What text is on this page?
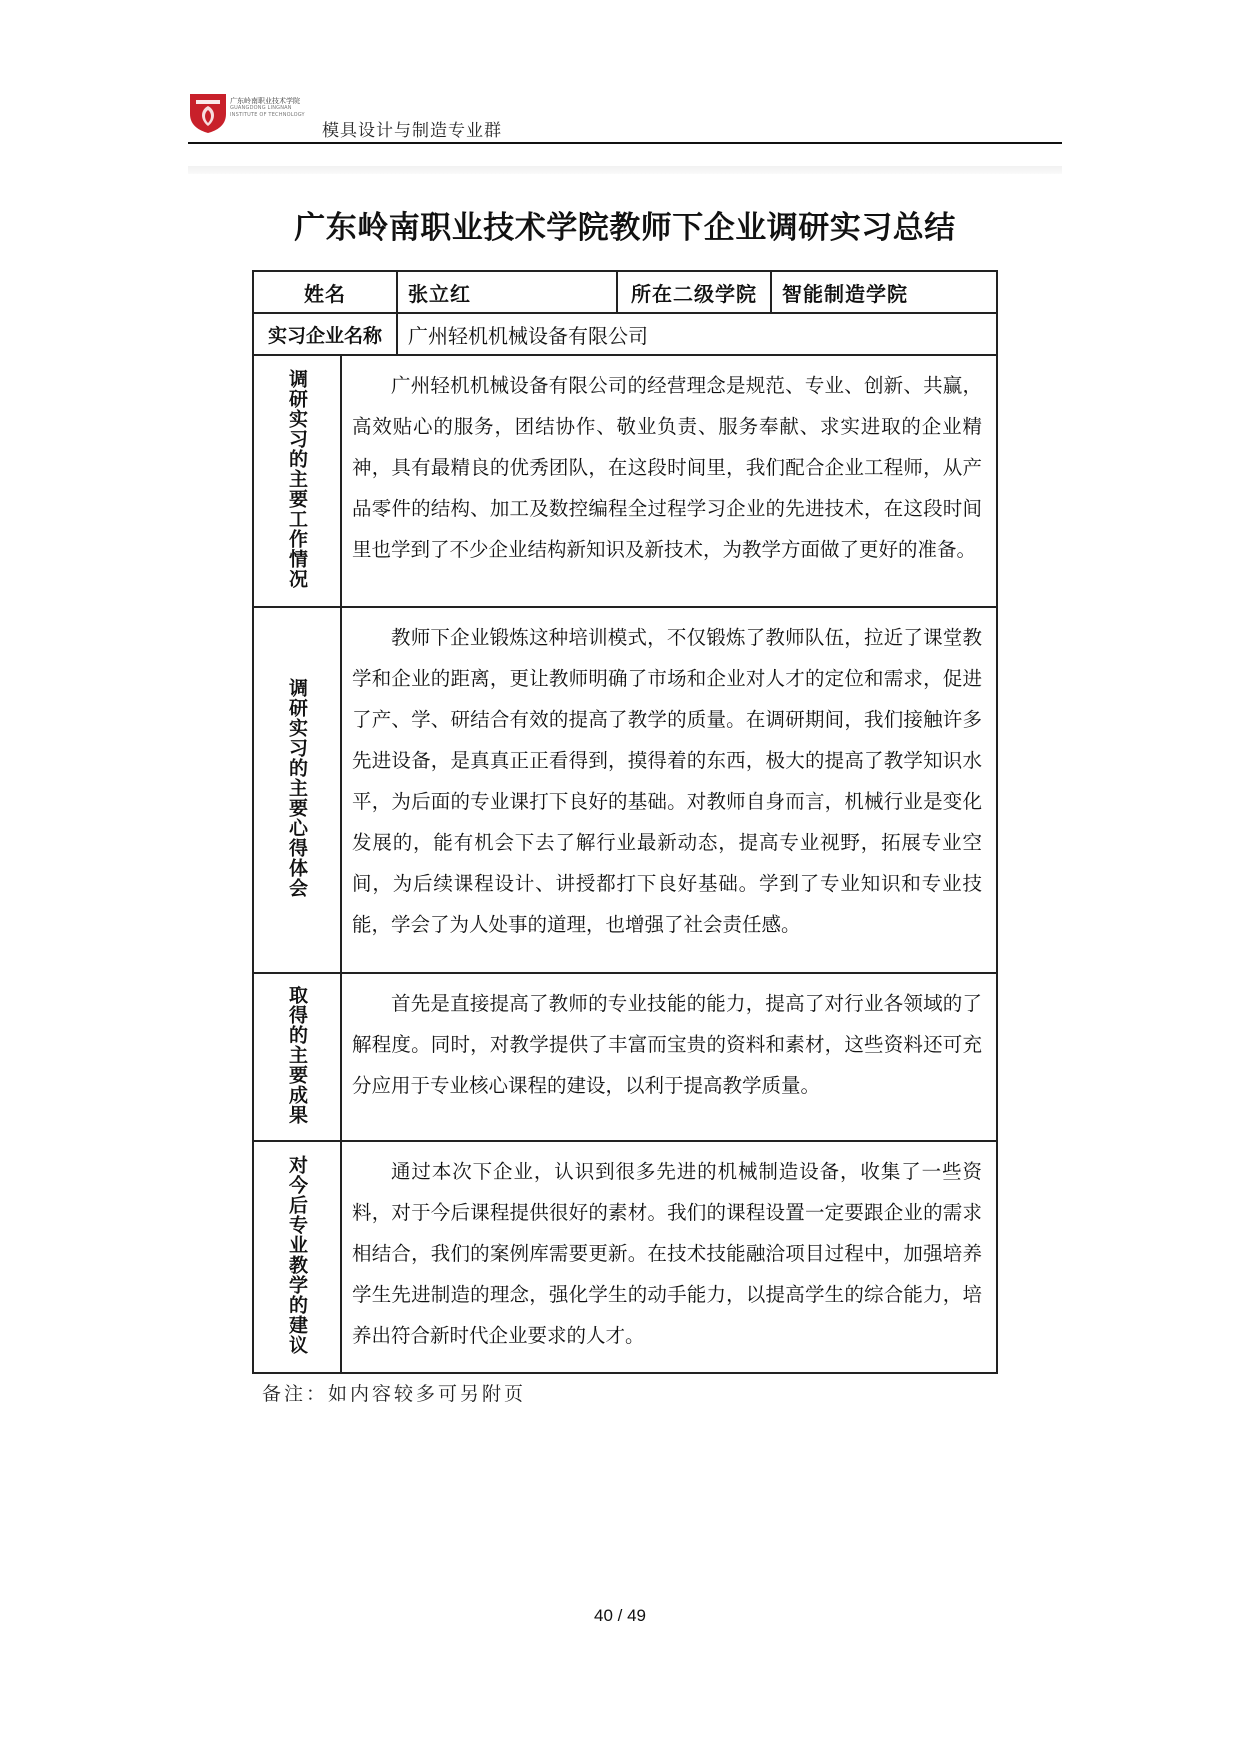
广东岭南职业技术学院
GUANGDONG LINGNAN
INSTITUTE OF TECHNOLOGY
模具设计与制造专业群
广东岭南职业技术学院教师下企业调研实习总结
姓名		张立红	所在二级学院	智能制造学院
实习企业名称		广州轻机机械设备有限公司		
调研实习的主要工作情况	广州轻机机械设备有限公司的经营理念是规范、专业、创新、共赢，高效贴心的服务，团结协作、敬业负责、服务奉献、求实进取的企业精神，具有最精良的优秀团队，在这段时间里，我们配合企业工程师，从产品零件的结构、加工及数控编程全过程学习企业的先进技术，在这段时间里也学到了不少企业结构新知识及新技术，为教学方面做了更好的准备。			

调研实习的主要心得体会	教师下企业锻炼这种培训模式，不仅锻炼了教师队伍，拉近了课堂教学和企业的距离，更让教师明确了市场和企业对人才的定位和需求，促进了产、学、研结合有效的提高了教学的质量。在调研期间，我们接触许多先进设备，是真真正正看得到，摸得着的东西，极大的提高了教学知识水平，为后面的专业课打下良好的基础。对教师自身而言，机械行业是变化发展的，能有机会下去了解行业最新动态，提高专业视野，拓展专业空间，为后续课程设计、讲授都打下良好基础。学到了专业知识和专业技能，学会了为人处事的道理，也增强了社会责任感。			

取得的主要成果	首先是直接提高了教师的专业技能的能力，提高了对行业各领域的了解程度。同时，对教学提供了丰富而宝贵的资料和素材，这些资料还可充分应用于专业核心课程的建设，以利于提高教学质量。			

对今后专业教学的建议	通过本次下企业，认识到很多先进的机械制造设备，收集了一些资料，对于今后课程提供很好的素材。我们的课程设置一定要跟企业的需求相结合，我们的案例库需要更新。在技术技能融洽项目过程中，加强培养学生先进制造的理念，强化学生的动手能力，以提高学生的综合能力，培养出符合新时代企业要求的人才。			

备注：如内容较多可另附页
40 / 49
